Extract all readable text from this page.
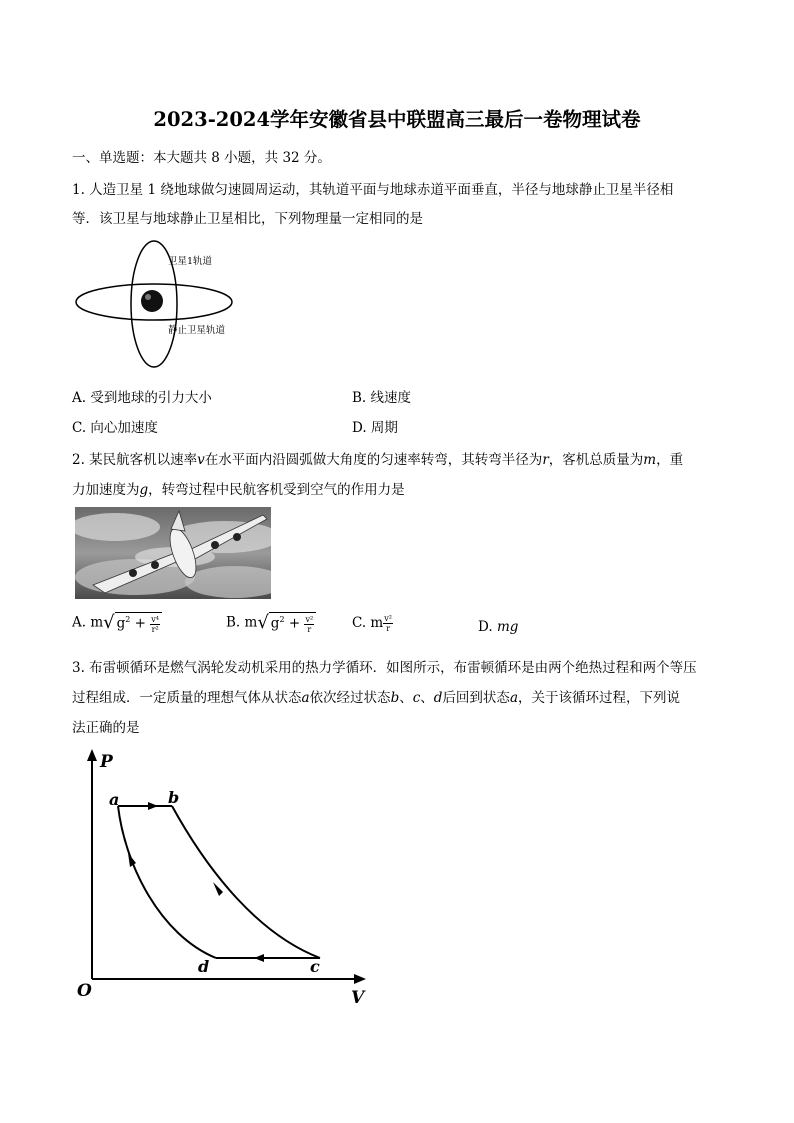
2023-2024学年安徽省县中联盟高三最后一卷物理试卷
一、单选题：本大题共 8 小题，共 32 分。
1. 人造卫星 1 绕地球做匀速圆周运动，其轨道平面与地球赤道平面垂直，半径与地球静止卫星半径相
等．该卫星与地球静止卫星相比，下列物理量一定相同的是
卫星1轨道
静止卫星轨道
A. 受到地球的引力大小	B. 线速度
C. 向心加速度	D. 周期
2. 某民航客机以速率v在水平面内沿圆弧做大角度的匀速率转弯，其转弯半径为r，客机总质量为m，重
力加速度为g，转弯过程中民航客机受到空气的作用力是
A. m√ $g^2 + \frac{\text{v⁴}}{\text{r²}}$	B. m√ $g^2 + \frac{\text{v²}}{r}$	C. m $\frac{\text{v²}}{r}$	D. mg
3. 布雷顿循环是燃气涡轮发动机采用的热力学循环．如图所示，布雷顿循环是由两个绝热过程和两个等压
过程组成．一定质量的理想气体从状态a依次经过状态b、c、d后回到状态a，关于该循环过程，下列说
法正确的是
P
V
O
a	b
c
d
